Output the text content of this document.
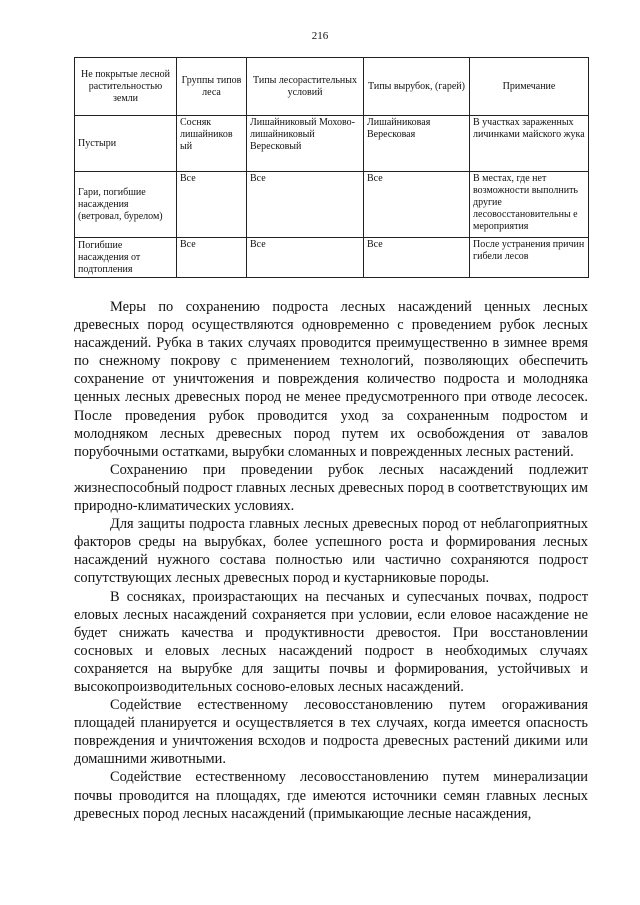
216
Не покрытые лесной растительностью земли	Группы типов леса	Типы лесорастительных условий	Типы вырубок, (гарей)	Примечание
Пустыри	Сосняк лишайников ый	Лишайниковый Мохово-лишайниковый Вересковый	Лишайниковая Вересковая	В участках зараженных личинками майского жука
Гари, погибшие насаждения (ветровал, бурелом)	Все	Все	Все	В местах, где нет возможности выполнить другие лесовосстановительны е мероприятия
Погибшие насаждения от подтопления	Все	Все	Все	После устранения причин гибели лесов

Меры по сохранению подроста лесных насаждений ценных лесных древесных пород осуществляются одновременно с проведением рубок лесных насаждений. Рубка в таких случаях проводится преимущественно в зимнее время по снежному покрову с применением технологий, позволяющих обеспечить сохранение от уничтожения и повреждения количество подроста и молодняка ценных лесных древесных пород не менее предусмотренного при отводе лесосек. После проведения рубок проводится уход за сохраненным подростом и молодняком лесных древесных пород путем их освобождения от завалов порубочными остатками, вырубки сломанных и поврежденных лесных растений.

Сохранению при проведении рубок лесных насаждений подлежит жизнеспособный подрост главных лесных древесных пород в соответствующих им природно-климатических условиях.

Для защиты подроста главных лесных древесных пород от неблагоприятных факторов среды на вырубках, более успешного роста и формирования лесных насаждений нужного состава полностью или частично сохраняются подрост сопутствующих лесных древесных пород и кустарниковые породы.

В сосняках, произрастающих на песчаных и супесчаных почвах, подрост еловых лесных насаждений сохраняется при условии, если еловое насаждение не будет снижать качества и продуктивности древостоя. При восстановлении сосновых и еловых лесных насаждений подрост в необходимых случаях сохраняется на вырубке для защиты почвы и формирования, устойчивых и высокопроизводительных сосново-еловых лесных насаждений.

Содействие естественному лесовосстановлению путем огораживания площадей планируется и осуществляется в тех случаях, когда имеется опасность повреждения и уничтожения всходов и подроста древесных растений дикими или домашними животными.

Содействие естественному лесовосстановлению путем минерализации почвы проводится на площадях, где имеются источники семян главных лесных древесных пород лесных насаждений (примыкающие лесные насаждения,
